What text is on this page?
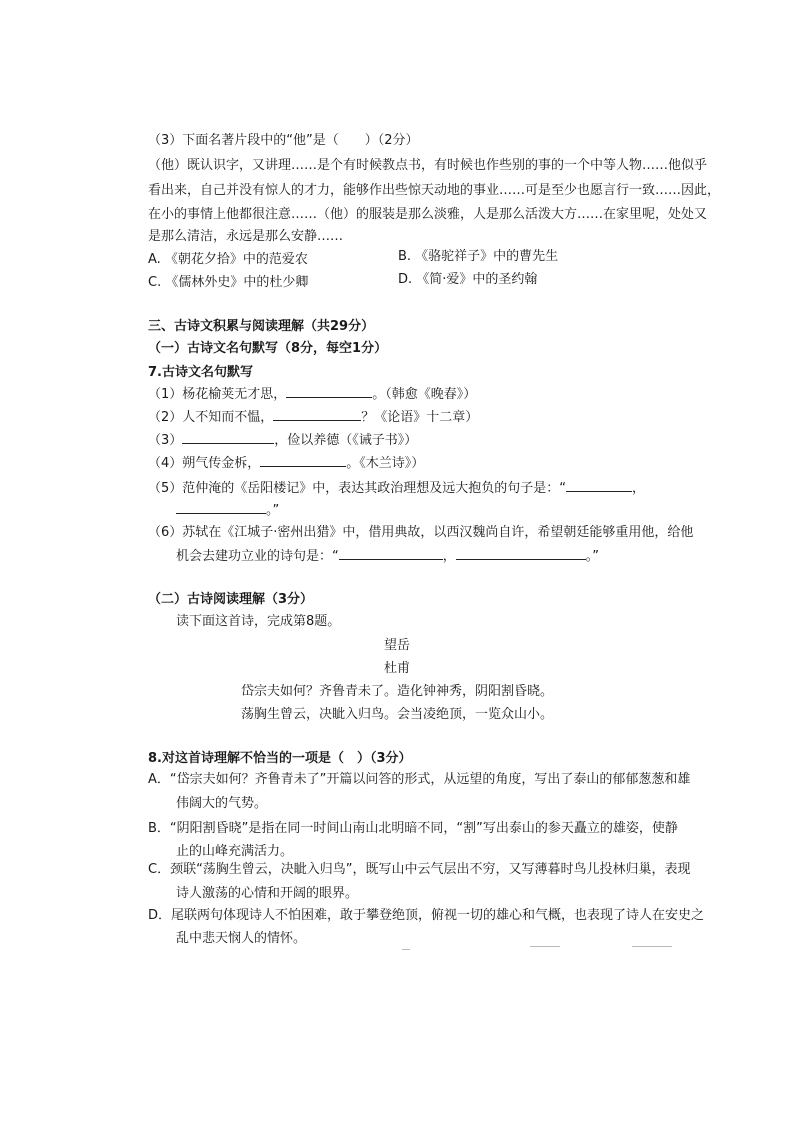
（3）下面名著片段中的“他”是（　　）（2分）
（他）既认识字，又讲理……是个有时候教点书，有时候也作些别的事的一个中等人物……他似乎
看出来，自己并没有惊人的才力，能够作出些惊天动地的事业……可是至少也愿言行一致……因此，
在小的事情上他都很注意……（他）的服装是那么淡雅，人是那么活泼大方……在家里呢，处处又
是那么清洁，永远是那么安静……
A. 《朝花夕拾》中的范爱农	B. 《骆驼祥子》中的曹先生
C. 《儒林外史》中的杜少卿	D. 《简·爱》中的圣约翰
三、古诗文积累与阅读理解（共29分）
（一）古诗文名句默写（8分，每空1分）
7.古诗文名句默写
（1）杨花榆荚无才思，	。（韩愈《晚春》）
（2）人不知而不愠，	？《论语》十二章）
（3）	，俭以养德（《诫子书》）
（4）朔气传金柝，	。《木兰诗》）
（5）范仲淹的《岳阳楼记》中，表达其政治理想及远大抱负的句子是：“	，
。”
（6）苏轼在《江城子·密州出猎》中，借用典故，以西汉魏尚自许，希望朝廷能够重用他，给他
机会去建功立业的诗句是：“	，	。”
（二）古诗阅读理解（3分）
读下面这首诗，完成第8题。
望岳
杜甫
岱宗夫如何？齐鲁青未了。造化钟神秀，阴阳割昏晓。
荡胸生曾云，决眦入归鸟。会当凌绝顶，一览众山小。
8.对这首诗理解不恰当的一项是（　）（3分）
A．“岱宗夫如何？齐鲁青未了”开篇以问答的形式，从远望的角度，写出了泰山的郁郁葱葱和雄
伟阔大的气势。
B．“阴阳割昏晓”是指在同一时间山南山北明暗不同，“割”写出泰山的参天矗立的雄姿，使静
止的山峰充满活力。
C．颈联“荡胸生曾云，决眦入归鸟”，既写山中云气层出不穷，又写薄暮时鸟儿投林归巢，表现
诗人激荡的心情和开阔的眼界。
D．尾联两句体现诗人不怕困难，敢于攀登绝顶，俯视一切的雄心和气概，也表现了诗人在安史之
乱中悲天悯人的情怀。
